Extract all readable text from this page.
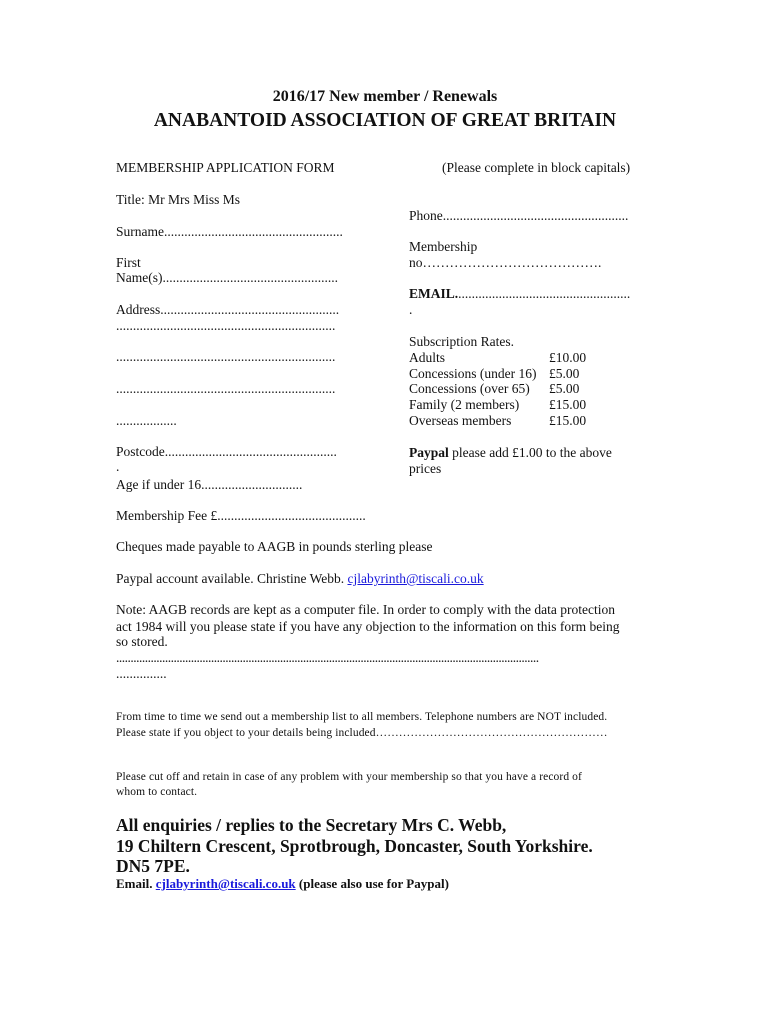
2016/17 New member / Renewals
ANABANTOID ASSOCIATION OF GREAT BRITAIN
MEMBERSHIP APPLICATION FORM	(Please complete in block capitals)
Title: Mr Mrs Miss Ms
Surname.....................................................
First
Name(s)....................................................
Address.....................................................
.................................................................
.................................................................
.................................................................
..................
Postcode...................................................
.
Age if under 16..............................
Phone.......................................................
Membership
no………………………………….
EMAIL....................................................
.
Subscription Rates.
Adults	£10.00
Concessions (under 16)	£5.00
Concessions (over 65)	£5.00
Family (2 members)	£15.00
Overseas members	£15.00
Paypal please add £1.00 to the above
prices
Membership Fee £............................................
Cheques made payable to AAGB in pounds sterling please
Paypal account available. Christine Webb. cjlabyrinth@tiscali.co.uk
Note: AAGB records are kept as a computer file. In order to comply with the data protection
act 1984 will you please state if you have any objection to the information on this form being
so stored.
...................................................................................................................................................
...............
From time to time we send out a membership list to all members. Telephone numbers are NOT included.
Please state if you object to your details being included……………………………………………………
Please cut off and retain in case of any problem with your membership so that you have a record of
whom to contact.
All enquiries / replies to the Secretary Mrs C. Webb,
19 Chiltern Crescent, Sprotbrough, Doncaster, South Yorkshire.
DN5 7PE.
Email. cjlabyrinth@tiscali.co.uk (please also use for Paypal)
